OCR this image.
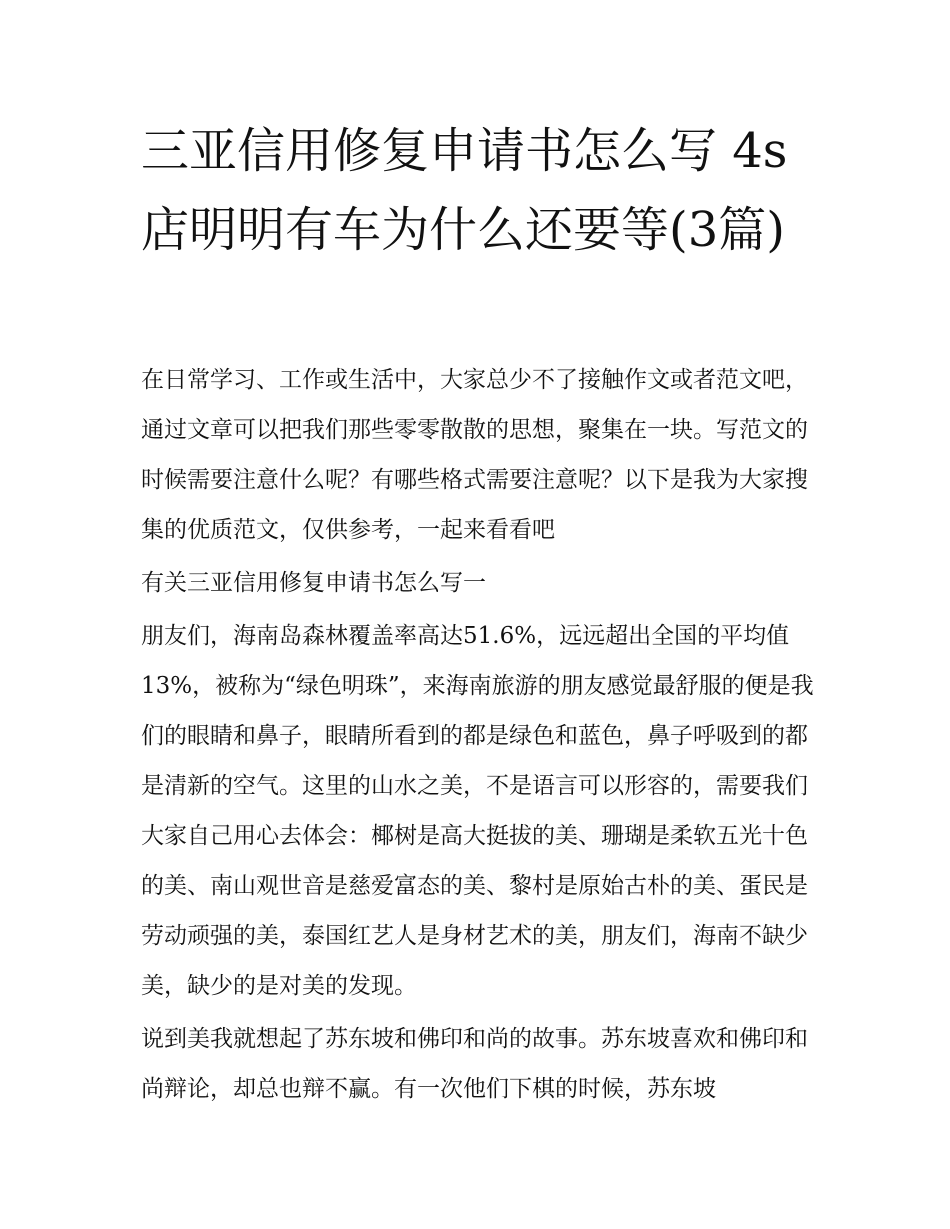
三亚信用修复申请书怎么写 4s店明明有车为什么还要等(3篇)

在日常学习、工作或生活中，大家总少不了接触作文或者范文吧，通过文章可以把我们那些零零散散的思想，聚集在一块。写范文的时候需要注意什么呢？有哪些格式需要注意呢？以下是我为大家搜集的优质范文，仅供参考，一起来看看吧

有关三亚信用修复申请书怎么写一

朋友们，海南岛森林覆盖率高达51.6%，远远超出全国的平均值13%，被称为“绿色明珠”，来海南旅游的朋友感觉最舒服的便是我们的眼睛和鼻子，眼睛所看到的都是绿色和蓝色，鼻子呼吸到的都是清新的空气。这里的山水之美，不是语言可以形容的，需要我们大家自己用心去体会：椰树是高大挺拔的美、珊瑚是柔软五光十色的美、南山观世音是慈爱富态的美、黎村是原始古朴的美、蛋民是劳动顽强的美，泰国红艺人是身材艺术的美，朋友们，海南不缺少美，缺少的是对美的发现。

说到美我就想起了苏东坡和佛印和尚的故事。苏东坡喜欢和佛印和尚辩论，却总也辩不赢。有一次他们下棋的时候，苏东坡
